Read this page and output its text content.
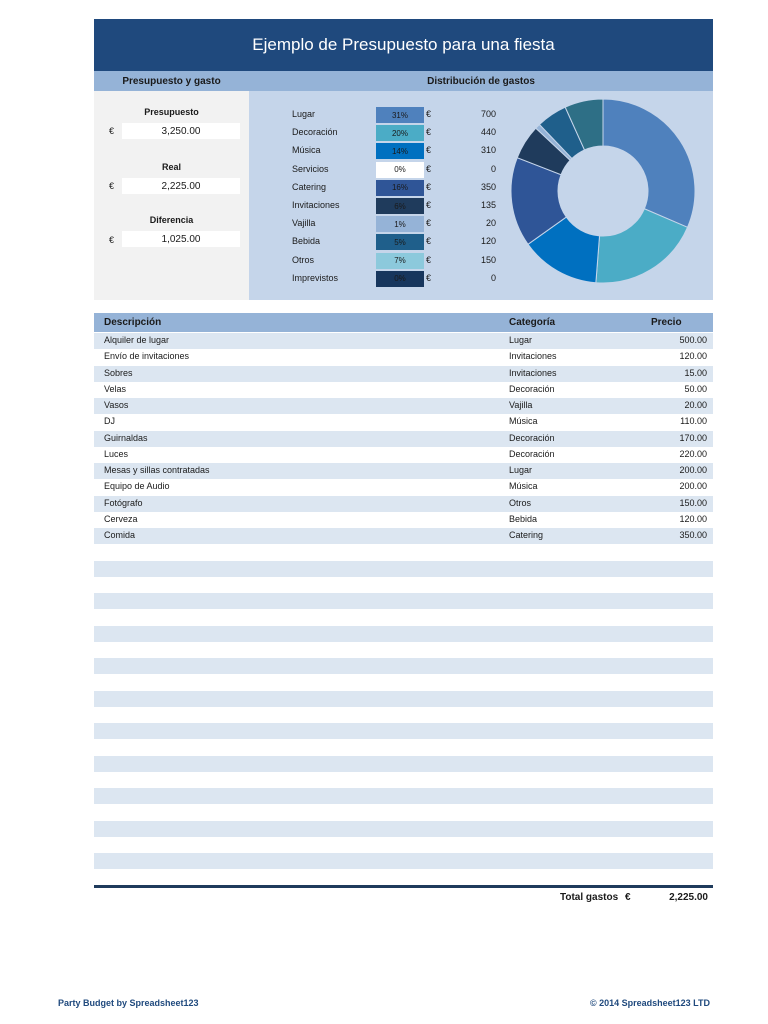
Ejemplo de Presupuesto para una fiesta
Presupuesto y gasto	Distribución de gastos
Presupuesto
€	3,250.00
Real
€	2,225.00
Diferencia
€	1,025.00
Lugar	31%	€	700
Decoración	20%	€	440
Música	14%	€	310
Servicios	0%	€	0
Catering	16%	€	350
Invitaciones	6%	€	135
Vajilla	1%	€	20
Bebida	5%	€	120
Otros	7%	€	150
Imprevistos	0%	€	0
Descripción	Categoría	Precio
Alquiler de lugar	Lugar	500.00
Envío de invitaciones	Invitaciones	120.00
Sobres	Invitaciones	15.00
Velas	Decoración	50.00
Vasos	Vajilla	20.00
DJ	Música	110.00
Guirnaldas	Decoración	170.00
Luces	Decoración	220.00
Mesas y sillas contratadas	Lugar	200.00
Equipo de Audio	Música	200.00
Fotógrafo	Otros	150.00
Cerveza	Bebida	120.00
Comida	Catering	350.00
Total gastos €	2,225.00
Party Budget by Spreadsheet123	© 2014 Spreadsheet123 LTD
